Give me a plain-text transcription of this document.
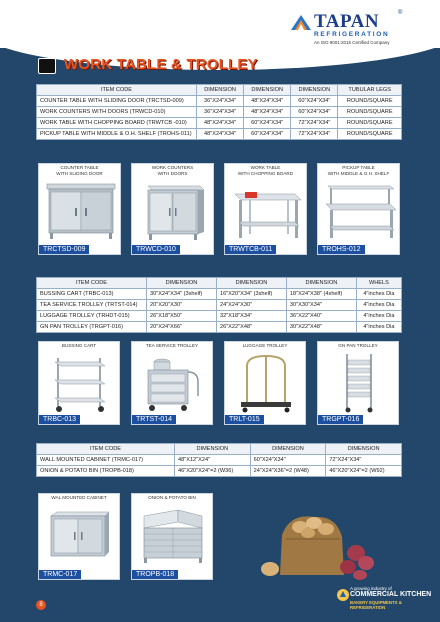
TAPAN	®
REFRIGERATION
An ISO 9001:2015 Certified Company
WORK TABLE & TROLLEY
ITEM CODE	DIMENSION	DIMENSION	DIMENSION	TUBULAR LEGS
COUNTER TABLE WITH SLIDING DOOR (TRCTSD-009)	36"X24"X34"	48"X24"X34"	60"X24"X34"	ROUND/SQUARE
WORK COUNTERS WITH DOORS (TRWCD-010)	36"X24"X34"	48"X24"X34"	60"X24"X34"	ROUND/SQUARE
WORK TABLE WITH CHOPPING BOARD (TRWTCB -010)	48"X24"X34"	60"X24"X34"	72"X24"X34"	ROUND/SQUARE
PICKUP TABLE WITH MIDDLE & O.H. SHELF (TROHS-011)	48"X24"X34"	60"X24"X34"	72"X24"X34"	ROUND/SQUARE
COUNTER TABLE
WITH SLIDING DOOR
TRCTSD-009
WORK COUNTERS
WITH DOORS
TRWCD-010
WORK TABLE
WITH CHOPPING BOARD
TRWTCB-011
PICKUP TABLE
WITH MIDDLE & O.H. SHELF
TROHS-012
ITEM CODE	DIMENSION	DIMENSION	DIMENSION	WHELS
BUSSING CART (TRBC-013)	30"X24"X34" (3shelf)	16"X20"X34" (3shelf)	18"X24"X38" (4shelf)	4"inches Dia
TEA SERVICE TROLLEY (TRTST-014)	20"X20"X30"	24"X24"X30"	30"X30"X34"	4"inches Dia
LUGGAGE TROLLEY (TRHDT-015)	26"X18"X50"	32"X18"X34"	36"X22"X40"	4"inches Dia
GN PAN TROLLEY (TRGPT-016)	20"X24"X66"	26"X22"X48"	30"X22"X48"	4"inches Dia
BUSSING CART
TRBC-013
TEA SERVICE TROLLEY
TRTST-014
LUGGAGE TROLLEY
TRLT-015
GN PAN TROLLEY
TRGPT-016
ITEM CODE	DIMENSION	DIMENSION	DIMENSION
WALL MOUNTED CABINET (TRMC-017)	48"X12"X24"	60"X24"X34"	72"X24"X34"
ONION & POTATO BIN (TROPB-018)	46"X20"X24"=2 (W36)	24"X24"X36"=2 (W48)	46"X20"X24"=2 (W92)
WAL MOUNTED CABINET
TRMC-017
ONION & POTATO BIN
TROPB-018
8
A growing industry of
COMMERCIAL KITCHEN
BAKERY EQUIPMENTS & REFRIGERATION
